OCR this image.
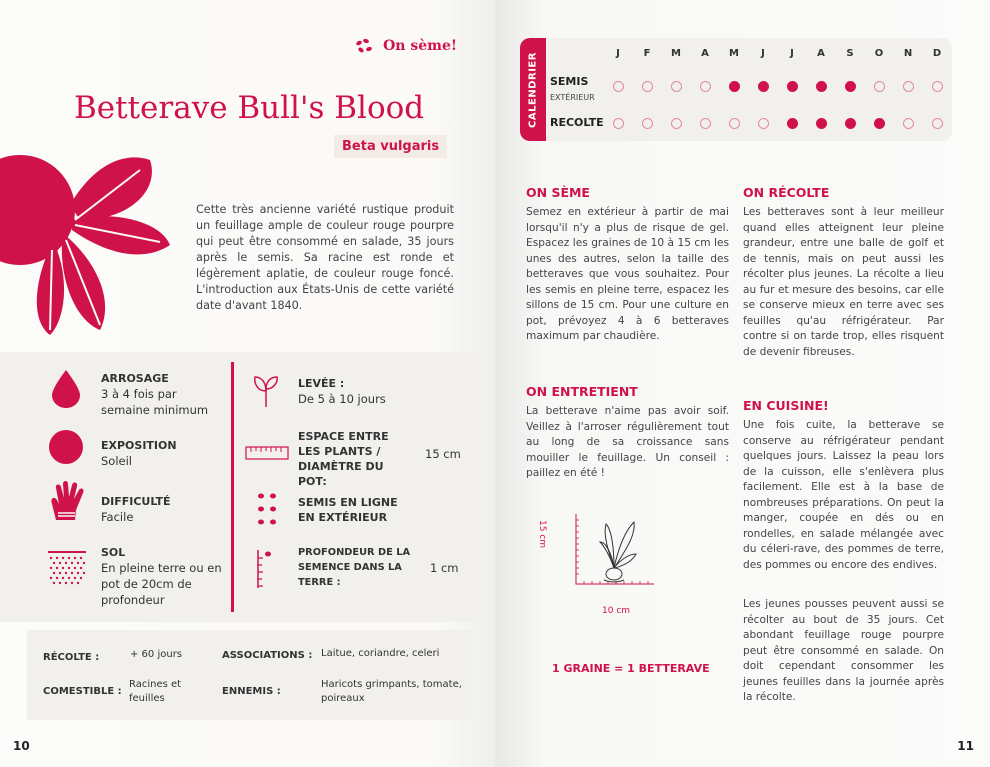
On sème!
Betterave Bull's Blood
Beta vulgaris
Cette très ancienne variété rustique produit un feuillage ample de couleur rouge pourpre qui peut être consommé en salade, 35 jours après le semis. Sa racine est ronde et légèrement aplatie, de couleur rouge foncé. L'introduction aux États-Unis de cette variété date d'avant 1840.
ARROSAGE
3 à 4 fois par semaine minimum
EXPOSITION
Soleil
DIFFICULTÉ
Facile
SOL
En pleine terre ou en pot de 20cm de profondeur
LEVÉE :
De 5 à 10 jours
ESPACE ENTRE LES PLANTS / DIAMÈTRE DU POT:
15 cm
SEMIS EN LIGNE EN EXTÉRIEUR
PROFONDEUR DE LA SEMENCE DANS LA TERRE :
1 cm
RÉCOLTE :	+ 60 jours	ASSOCIATIONS : Laitue, coriandre, celeri
COMESTIBLE :
Racines et feuilles
ENNEMIS :
Haricots grimpants, tomate, poireaux
10
CALENDRIER	J	F	M	A	M	J	J	A	S	O	N	D
SEMIS
EXTÉRIEUR
RECOLTE
ON SÈME
Semez en extérieur à partir de mai lorsqu'il n'y a plus de risque de gel. Espacez les graines de 10 à 15 cm les unes des autres, selon la taille des betteraves que vous souhaitez. Pour les semis en pleine terre, espacez les sillons de 15 cm. Pour une culture en pot, prévoyez 4 à 6 betteraves maximum par chaudière.
ON RÉCOLTE
Les betteraves sont à leur meilleur quand elles atteignent leur pleine grandeur, entre une balle de golf et de tennis, mais on peut aussi les récolter plus jeunes. La récolte a lieu au fur et mesure des besoins, car elle se conserve mieux en terre avec ses feuilles qu'au réfrigérateur. Par contre si on tarde trop, elles risquent de devenir fibreuses.
ON ENTRETIENT
La betterave n'aime pas avoir soif. Veillez à l'arroser régulièrement tout au long de sa croissance sans mouiller le feuillage. Un conseil : paillez en été !
EN CUISINE!
Une fois cuite, la betterave se conserve au réfrigérateur pendant quelques jours. Laissez la peau lors de la cuisson, elle s'enlèvera plus facilement. Elle est à la base de nombreuses préparations. On peut la manger, coupée en dés ou en rondelles, en salade mélangée avec du céleri-rave, des pommes de terre, des pommes ou encore des endives.
Les jeunes pousses peuvent aussi se récolter au bout de 35 jours. Cet abondant feuillage rouge pourpre peut être consommé en salade. On doit cependant consommer les jeunes feuilles dans la journée après la récolte.
15 cm
10 cm
1 GRAINE = 1 BETTERAVE
11
